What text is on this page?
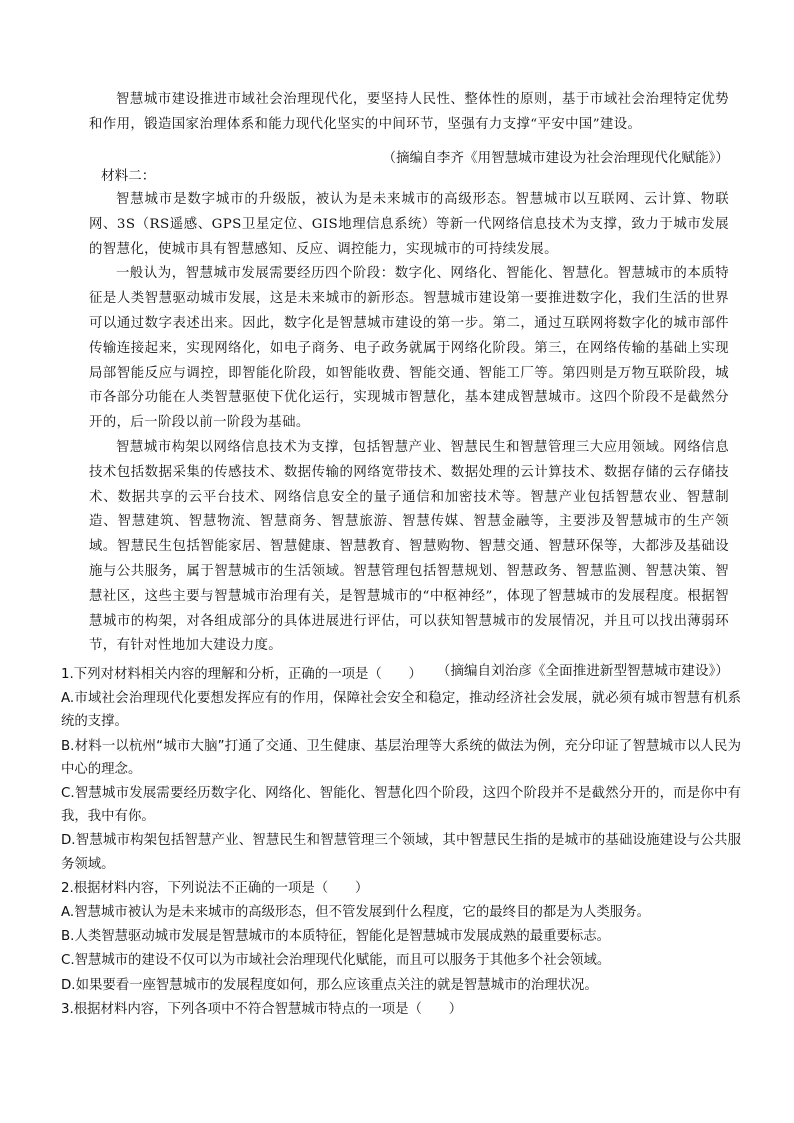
智慧城市建设推进市域社会治理现代化，要坚持人民性、整体性的原则，基于市域社会治理特定优势和作用，锻造国家治理体系和能力现代化坚实的中间环节，坚强有力支撑“平安中国”建设。

（摘编自李齐《用智慧城市建设为社会治理现代化赋能》）

材料二：

智慧城市是数字城市的升级版，被认为是未来城市的高级形态。智慧城市以互联网、云计算、物联网、3S（RS遥感、GPS卫星定位、GIS地理信息系统）等新一代网络信息技术为支撑，致力于城市发展的智慧化，使城市具有智慧感知、反应、调控能力，实现城市的可持续发展。

一般认为，智慧城市发展需要经历四个阶段：数字化、网络化、智能化、智慧化。智慧城市的本质特征是人类智慧驱动城市发展，这是未来城市的新形态。智慧城市建设第一要推进数字化，我们生活的世界可以通过数字表述出来。因此，数字化是智慧城市建设的第一步。第二，通过互联网将数字化的城市部件传输连接起来，实现网络化，如电子商务、电子政务就属于网络化阶段。第三，在网络传输的基础上实现局部智能反应与调控，即智能化阶段，如智能收费、智能交通、智能工厂等。第四则是万物互联阶段，城市各部分功能在人类智慧驱使下优化运行，实现城市智慧化，基本建成智慧城市。这四个阶段不是截然分开的，后一阶段以前一阶段为基础。

智慧城市构架以网络信息技术为支撑，包括智慧产业、智慧民生和智慧管理三大应用领域。网络信息技术包括数据采集的传感技术、数据传输的网络宽带技术、数据处理的云计算技术、数据存储的云存储技术、数据共享的云平台技术、网络信息安全的量子通信和加密技术等。智慧产业包括智慧农业、智慧制造、智慧建筑、智慧物流、智慧商务、智慧旅游、智慧传媒、智慧金融等，主要涉及智慧城市的生产领域。智慧民生包括智能家居、智慧健康、智慧教育、智慧购物、智慧交通、智慧环保等，大都涉及基础设施与公共服务，属于智慧城市的生活领域。智慧管理包括智慧规划、智慧政务、智慧监测、智慧决策、智慧社区，这些主要与智慧城市治理有关，是智慧城市的“中枢神经”，体现了智慧城市的发展程度。根据智慧城市的构架，对各组成部分的具体进展进行评估，可以获知智慧城市的发展情况，并且可以找出薄弱环节，有针对性地加大建设力度。

（摘编自刘治彦《全面推进新型智慧城市建设》）

1.下列对材料相关内容的理解和分析，正确的一项是（　　）

A.市域社会治理现代化要想发挥应有的作用，保障社会安全和稳定，推动经济社会发展，就必须有城市智慧有机系统的支撑。

B.材料一以杭州“城市大脑”打通了交通、卫生健康、基层治理等大系统的做法为例，充分印证了智慧城市以人民为中心的理念。

C.智慧城市发展需要经历数字化、网络化、智能化、智慧化四个阶段，这四个阶段并不是截然分开的，而是你中有我，我中有你。

D.智慧城市构架包括智慧产业、智慧民生和智慧管理三个领域，其中智慧民生指的是城市的基础设施建设与公共服务领域。

2.根据材料内容，下列说法不正确的一项是（　　）

A.智慧城市被认为是未来城市的高级形态，但不管发展到什么程度，它的最终目的都是为人类服务。

B.人类智慧驱动城市发展是智慧城市的本质特征，智能化是智慧城市发展成熟的最重要标志。

C.智慧城市的建设不仅可以为市域社会治理现代化赋能，而且可以服务于其他多个社会领域。

D.如果要看一座智慧城市的发展程度如何，那么应该重点关注的就是智慧城市的治理状况。

3.根据材料内容，下列各项中不符合智慧城市特点的一项是（　　）
